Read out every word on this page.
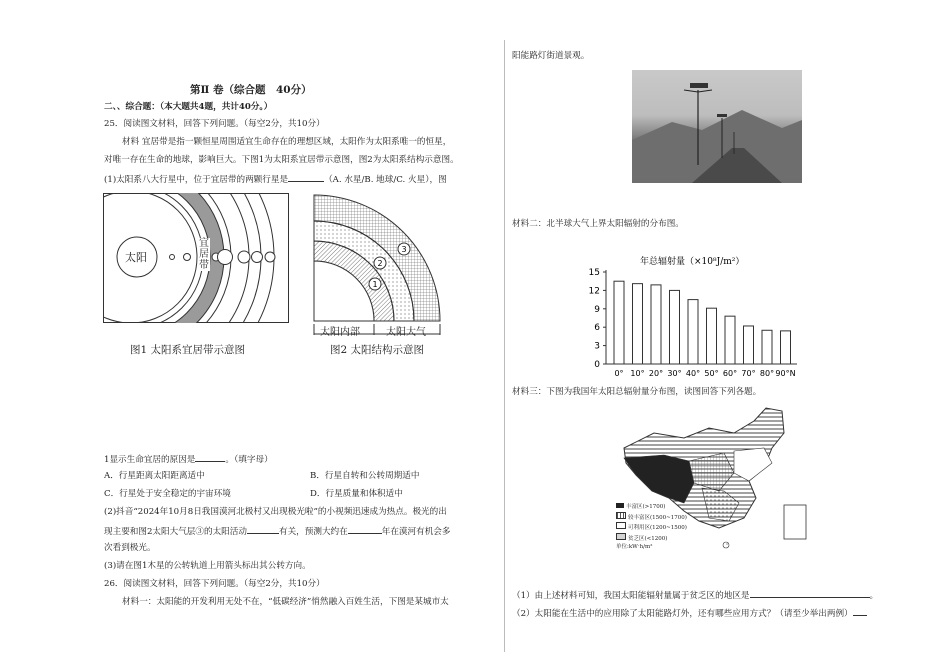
第Ⅱ 卷（综合题　40分）
二、、综合题：（本大题共4题，共计40分。）
25．阅读图文材料，回答下列问题。（每空2分，共10分）
材料 宜居带是指一颗恒星周围适宜生命存在的理想区域，太阳作为太阳系唯一的恒星，
对唯一存在生命的地球，影响巨大。下图1为太阳系宜居带示意图，图2为太阳系结构示意图。
(1)太阳系八大行星中，位于宜居带的两颗行星是	（A. 水星/B. 地球/C. 火星），图
太阳
宜居带
图1 太阳系宜居带示意图
3
2
1
太阳内部	太阳大气
图2 太阳结构示意图
1显示生命宜居的原因是	。（填字母）
A．行星距离太阳距离适中	B．行星自转和公转周期适中
C．行星处于安全稳定的宇宙环境	D．行星质量和体积适中
(2)抖音“2024年10月8日我国漠河北极村又出现极光啦”的小视频迅速成为热点。极光的出
现主要和图2太阳大气层③的太阳活动	有关，预测大约在	年在漠河有机会多
次看到极光。
(3)请在图1木星的公转轨道上用箭头标出其公转方向。
26．阅读图文材料，回答下列问题。（每空2分，共10分）
材料一：太阳能的开发利用无处不在，“低碳经济”悄然融入百姓生活，下图是某城市太
阳能路灯街道景观。
材料二：北半球大气上界太阳辐射的分布图。
年总辐射量（×10⁸J/m²）
0
3
6
9
12
15
0° 10° 20° 30° 40° 50° 60° 70° 80° 90°N
材料三：下图为我国年太阳总辐射量分布图，读图回答下列各题。
丰富区(>1700)
较丰富区(1500~1700)
可利用区(1200~1500)
贫乏区(<1200)
单位:kW·h/m²
（1）由上述材料可知，我国太阳能辐射量属于贫乏区的地区是	。
（2）太阳能在生活中的应用除了太阳能路灯外，还有哪些应用方式？（请至少举出两例）
